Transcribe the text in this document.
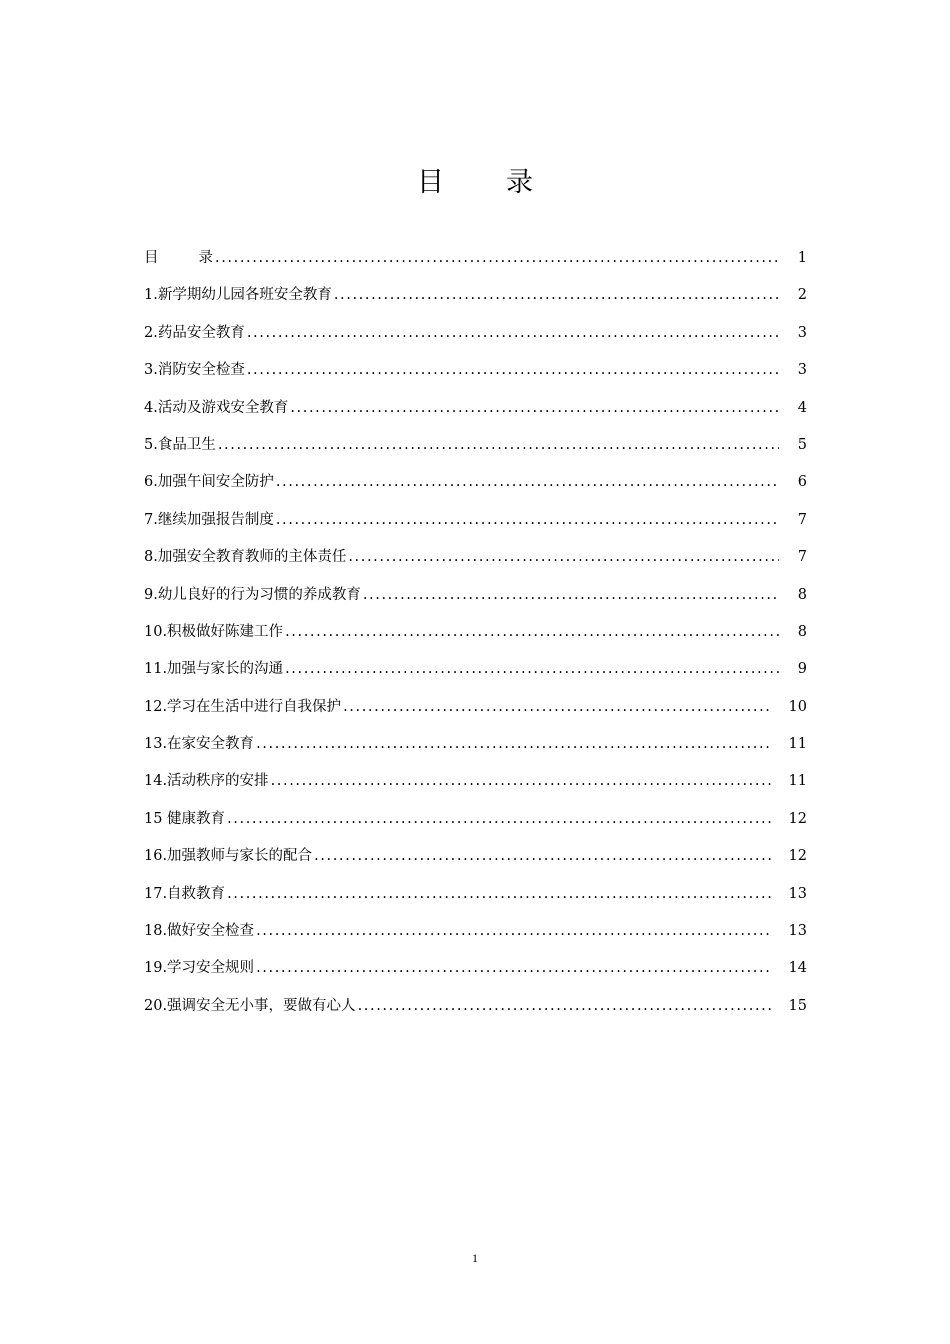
目 录
目	录 .....	1
1.新学期幼儿园各班安全教育 .....	2
2.药品安全教育 .....	3
3.消防安全检查 .....	3
4.活动及游戏安全教育 .....	4
5.食品卫生 .....	5
6.加强午间安全防护 .....	6
7.继续加强报告制度 .....	7
8.加强安全教育教师的主体责任 .....	7
9.幼儿良好的行为习惯的养成教育 .....	8
10.积极做好陈建工作 .....	8
11.加强与家长的沟通 .....	9
12.学习在生活中进行自我保护 .....	10
13.在家安全教育 .....	11
14.活动秩序的安排 .....	11
15 健康教育 .....	12
16.加强教师与家长的配合 .....	12
17.自救教育 .....	13
18.做好安全检查 .....	13
19.学习安全规则 .....	14
20.强调安全无小事，要做有心人 .....	15
1
